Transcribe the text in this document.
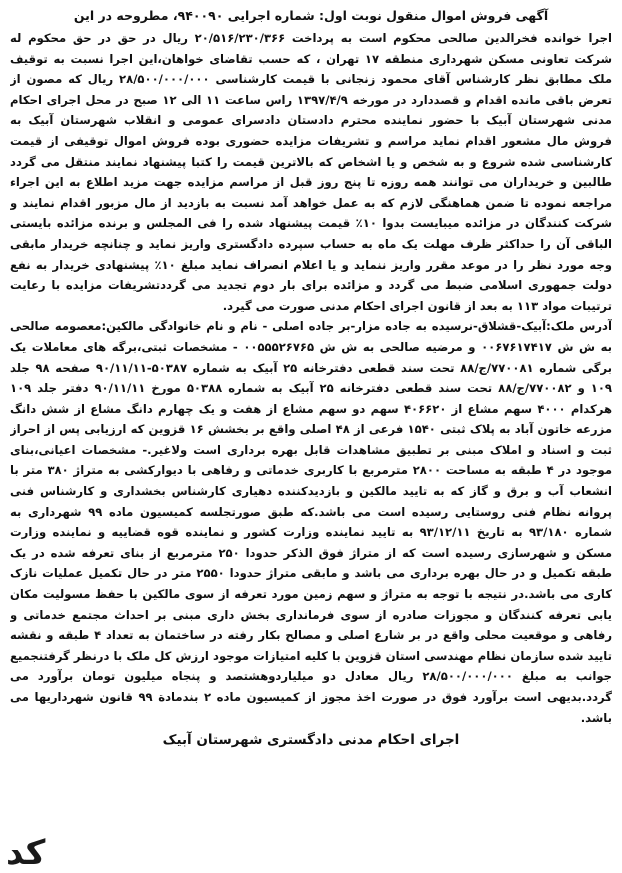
آگهی فروش اموال منقول نوبت اول: شماره اجرایی ۹۴۰۰۹۰، مطروحه در این

اجرا خوانده فخرالدین صالحی محکوم است به پرداخت ۲۰/۵۱۶/۲۳۰/۳۶۶ ریال در حق در حق محکوم له شرکت تعاونی مسکن شهرداری منطقه ۱۷ تهران ، که حسب تقاضای خواهان،این اجرا نسبت به توقیف ملک مطابق نظر کارشناس آقای محمود زنجانی با قیمت کارشناسی ۲۸/۵۰۰/۰۰۰/۰۰۰ ریال که مصون از تعرض باقی مانده اقدام و قصددارد در مورخه ۱۳۹۷/۴/۹ راس ساعت ۱۱ الی ۱۲ صبح در محل اجرای احکام مدنی شهرستان آبیک با حضور نماینده محترم دادستان دادسرای عمومی و انقلاب شهرستان آبیک به فروش مال مشعور اقدام نماید مراسم و تشریفات مزایده حضوری بوده فروش اموال توقیفی از قیمت کارشناسی شده شروع و به شخص و یا اشخاص که بالاترین قیمت را کتبا پیشنهاد نمایند منتقل می گردد طالبین و خریداران می توانند همه روزه تا پنج روز قبل از مراسم مزایده جهت مزید اطلاع به این اجراء مراجعه نموده تا ضمن هماهنگی لازم که به عمل خواهد آمد نسبت به بازدید از مال مزبور اقدام نمایند و شرکت کنندگان در مزائده میبایست بدوا ۱۰٪ قیمت پیشنهاد شده را فی المجلس و برنده مزائده بایستی الباقی آن را حداکثر ظرف مهلت یک ماه به حساب سپرده دادگستری واریز نماید و چنانچه خریدار مابقی وجه مورد نظر را در موعد مقرر واریز ننماید و یا اعلام انصراف نماید مبلغ ۱۰٪ پیشنهادی خریدار به نفع دولت جمهوری اسلامی ضبط می گردد و مزائده برای بار دوم تجدید می گرددتشریفات مزایده با رعایت ترتیبات مواد ۱۱۳ به بعد از قانون اجرای احکام مدنی صورت می گیرد.

آدرس ملک:آبیک-قشلاق-نرسیده به جاده مزار-بر جاده اصلی - نام و نام خانوادگی مالکین:معصومه صالحی به ش ش ۰۰۶۷۶۱۷۴۱۷ و مرضیه صالحی به ش ش ۰۰۵۵۵۲۶۷۶۵ - مشخصات ثبتی،برگه های معاملات یک برگی شماره ۷۷۰۰۸۱/ج/۸۸ تحت سند قطعی دفترخانه ۲۵ آبیک به شماره ۵۰۳۸۷-۹۰/۱۱/۱۱ صفحه ۹۸ جلد ۱۰۹ و ۷۷۰۰۸۲/ج/۸۸ تحت سند قطعی دفترخانه ۲۵ آبیک به شماره ۵۰۳۸۸ مورخ ۹۰/۱۱/۱۱ دفتر جلد ۱۰۹ هرکدام ۴۰۰۰ سهم مشاع از ۴۰۶۶۲۰ سهم دو سهم مشاع از هفت و یک چهارم دانگ مشاع از شش دانگ مزرعه خاتون آباد به پلاک ثبتی ۱۵۴۰ فرعی از ۴۸ اصلی واقع بر بخشش ۱۶ قزوین که ارزیابی پس از احراز ثبت و اسناد و املاک مبنی بر تطبیق مشاهدات قابل بهره برداری است ولاغیر.- مشخصات اعیانی،بنای موجود در ۴ طبقه به مساحت ۲۸۰۰ مترمربع با کاربری خدماتی و رفاهی با دیوارکشی به متراژ ۳۸۰ متر با انشعاب آب و برق و گاز که به تایید مالکین و بازدیدکننده دهیاری کارشناس بخشداری و کارشناس فنی پروانه نظام فنی روستایی رسیده است می باشد.که طبق صورتجلسه کمیسیون ماده ۹۹ شهرداری به شماره ۹۳/۱۸۰ به تاریخ ۹۳/۱۲/۱۱ به تایید نماینده وزارت کشور و نماینده قوه قضاییه و نماینده وزارت مسکن و شهرسازی رسیده است که از متراژ فوق الذکر حدودا ۲۵۰ مترمربع از بنای تعرفه شده در یک طبقه تکمیل و در حال بهره برداری می باشد و مابقی متراژ حدودا ۲۵۵۰ متر در حال تکمیل عملیات نازک کاری می باشد.در نتیجه با توجه به متراژ و سهم زمین مورد تعرفه از سوی مالکین با حفظ مسولیت مکان یابی تعرفه کنندگان و مجوزات صادره از سوی فرمانداری بخش داری مبنی بر احداث مجتمع خدماتی و رفاهی و موقعیت محلی واقع در بر شارع اصلی و مصالح بکار رفته در ساختمان به تعداد ۴ طبقه و نقشه تایید شده سازمان نظام مهندسی استان قزوین با کلیه امتیازات موجود ارزش کل ملک با درنظر گرفتنجمیع جوانب به مبلغ ۲۸/۵۰۰/۰۰۰/۰۰۰ ریال معادل دو میلیاردوهشتصد و پنجاه میلیون تومان برآورد می گردد.بدیهی است برآورد فوق در صورت اخذ مجوز از کمیسیون ماده ۲ بندمادة ۹۹ قانون شهرداریها می باشد.

اجرای احکام مدنی دادگستری شهرستان آبیک
کد
